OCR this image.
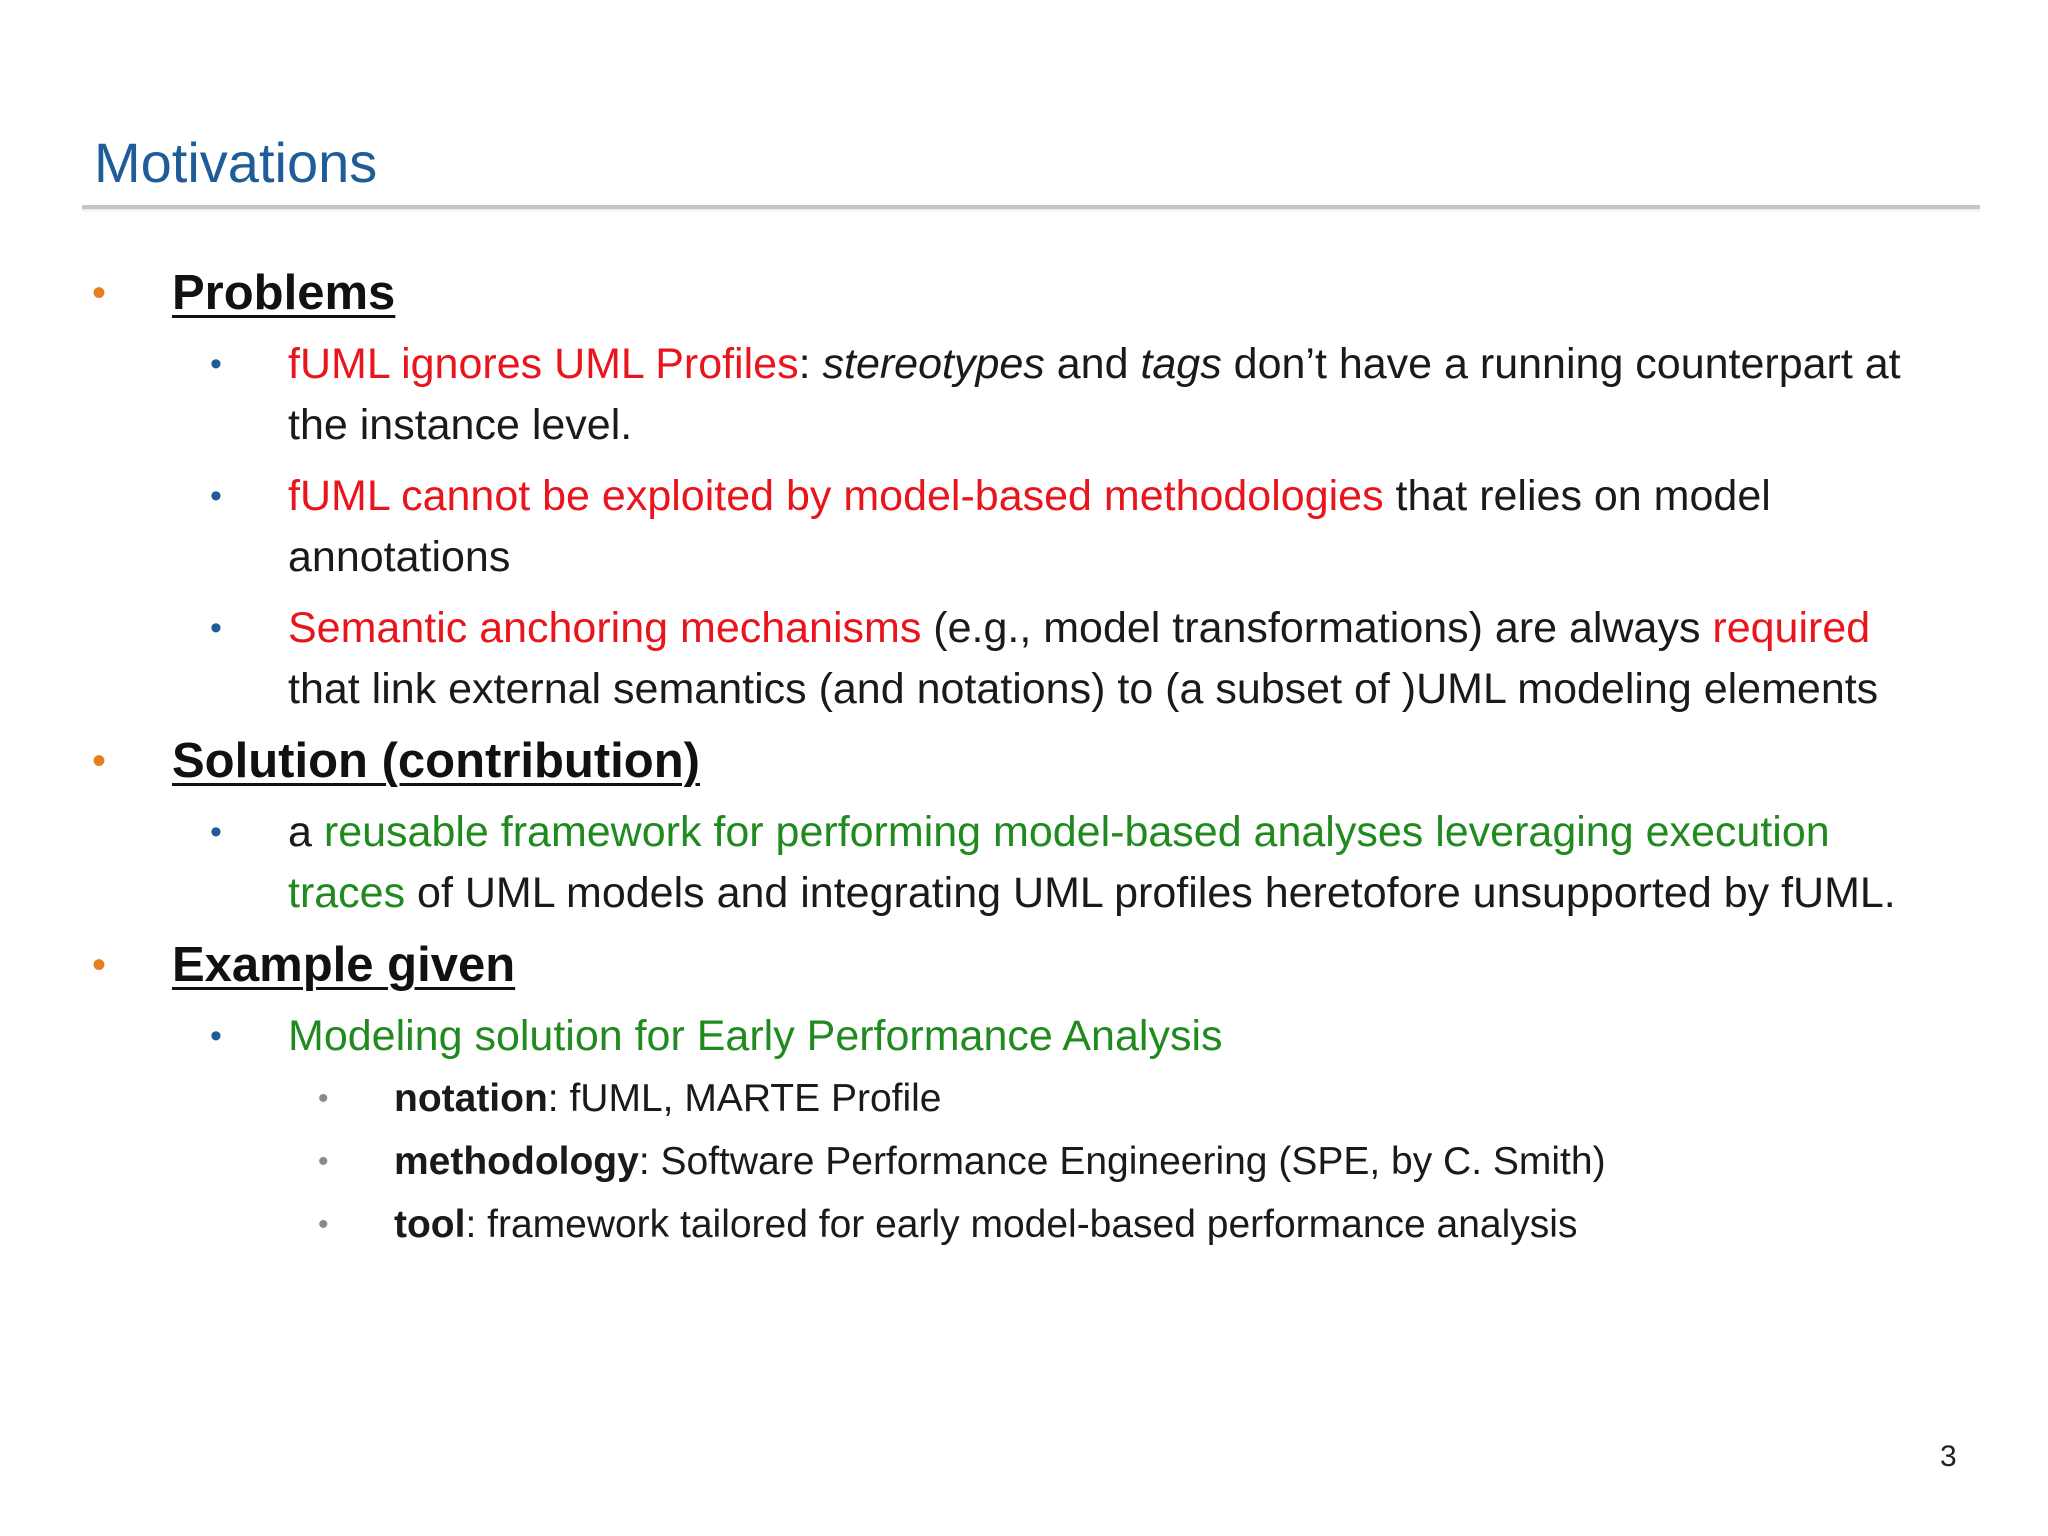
Motivations
• Problems
• fUML ignores UML Profiles: stereotypes and tags don’t have a running counterpart at the instance level.
• fUML cannot be exploited by model-based methodologies that relies on model annotations
• Semantic anchoring mechanisms (e.g., model transformations) are always required that link external semantics (and notations) to (a subset of )UML modeling elements
• Solution (contribution)
• a reusable framework for performing model-based analyses leveraging execution traces of UML models and integrating UML profiles heretofore unsupported by fUML.
• Example given
• Modeling solution for Early Performance Analysis
• notation: fUML, MARTE Profile
• methodology: Software Performance Engineering (SPE, by C. Smith)
• tool: framework tailored for early model-based performance analysis
3
